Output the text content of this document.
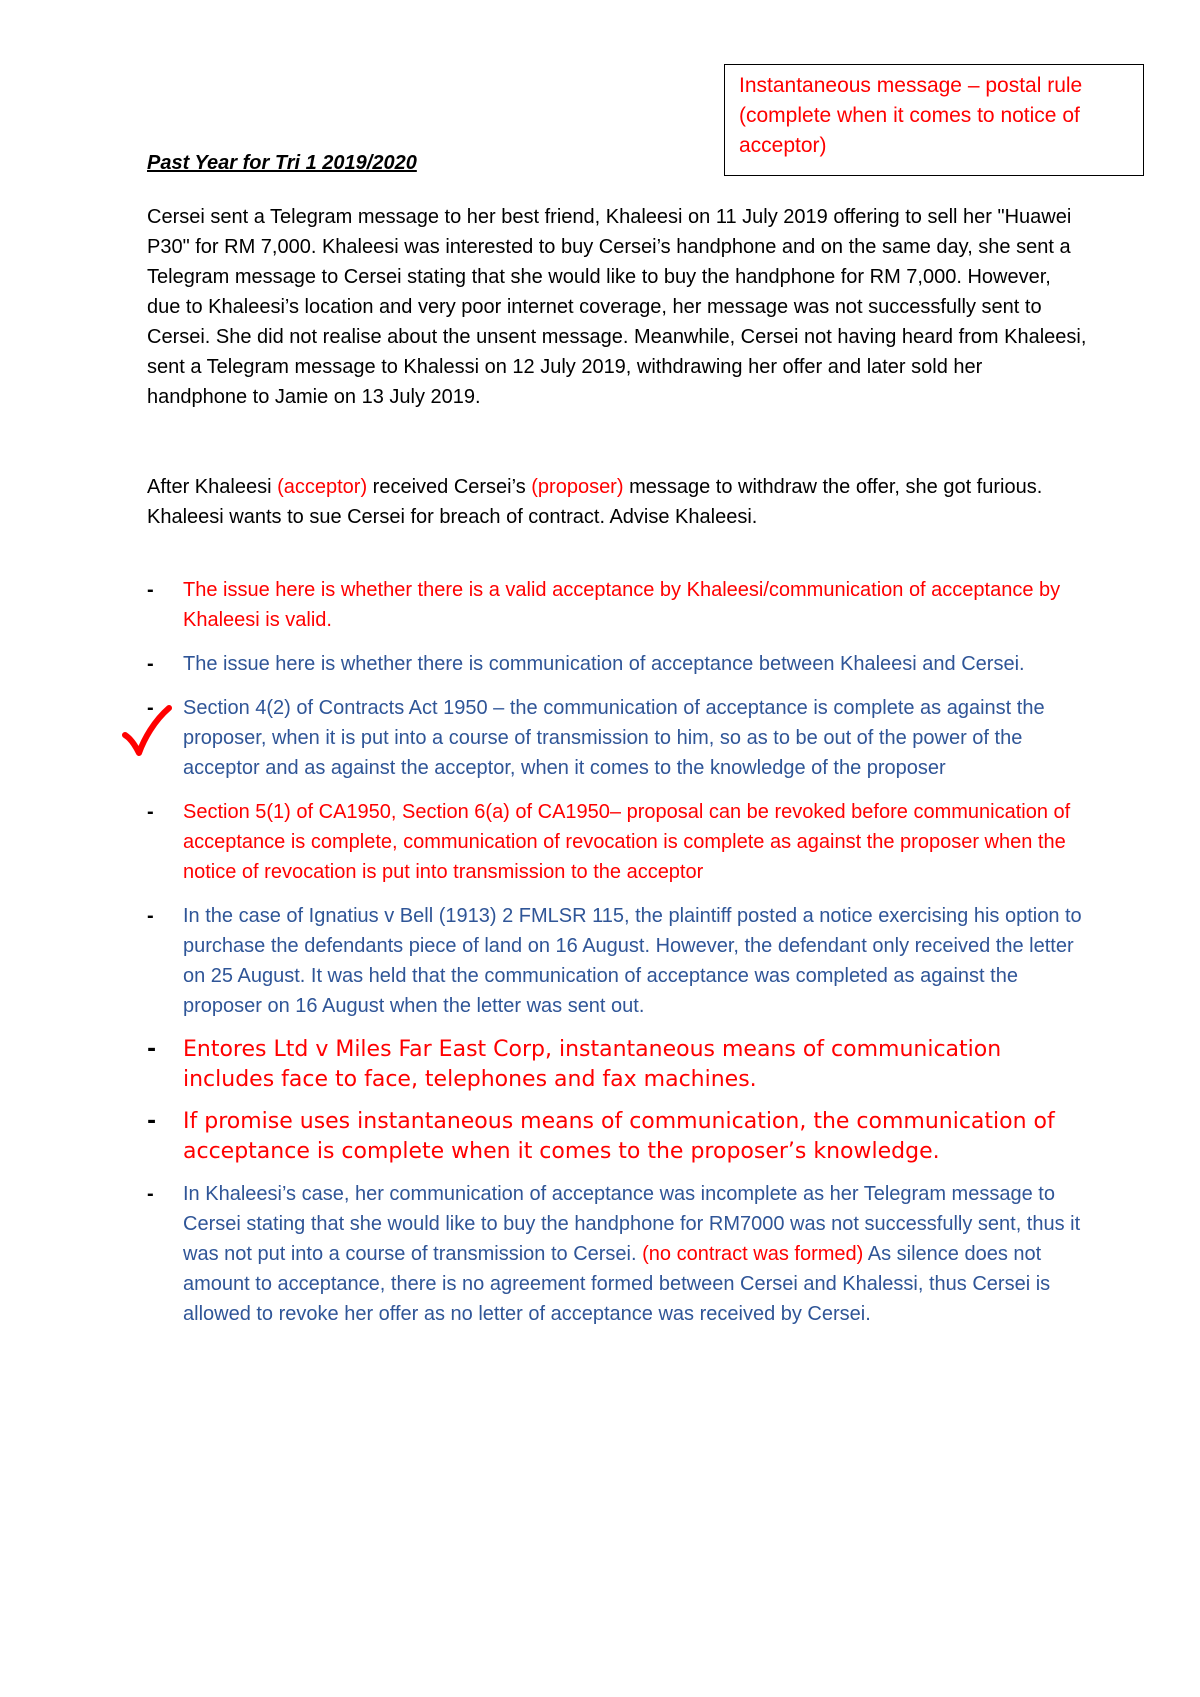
Instantaneous message – postal rule (complete when it comes to notice of acceptor)

Past Year for Tri 1 2019/2020

Cersei sent a Telegram message to her best friend, Khaleesi on 11 July 2019 offering to sell her "Huawei P30" for RM 7,000. Khaleesi was interested to buy Cersei’s handphone and on the same day, she sent a Telegram message to Cersei stating that she would like to buy the handphone for RM 7,000. However, due to Khaleesi’s location and very poor internet coverage, her message was not successfully sent to Cersei. She did not realise about the unsent message. Meanwhile, Cersei not having heard from Khaleesi, sent a Telegram message to Khalessi on 12 July 2019, withdrawing her offer and later sold her handphone to Jamie on 13 July 2019.

After Khaleesi (acceptor) received Cersei’s (proposer) message to withdraw the offer, she got furious. Khaleesi wants to sue Cersei for breach of contract. Advise Khaleesi.

- The issue here is whether there is a valid acceptance by Khaleesi/communication of acceptance by Khaleesi is valid.
- The issue here is whether there is communication of acceptance between Khaleesi and Cersei.
- Section 4(2) of Contracts Act 1950 – the communication of acceptance is complete as against the proposer, when it is put into a course of transmission to him, so as to be out of the power of the acceptor and as against the acceptor, when it comes to the knowledge of the proposer
- Section 5(1) of CA1950, Section 6(a) of CA1950– proposal can be revoked before communication of acceptance is complete, communication of revocation is complete as against the proposer when the notice of revocation is put into transmission to the acceptor
- In the case of Ignatius v Bell (1913) 2 FMLSR 115, the plaintiff posted a notice exercising his option to purchase the defendants piece of land on 16 August. However, the defendant only received the letter on 25 August. It was held that the communication of acceptance was completed as against the proposer on 16 August when the letter was sent out.
- Entores Ltd v Miles Far East Corp, instantaneous means of communication includes face to face, telephones and fax machines.
- If promise uses instantaneous means of communication, the communication of acceptance is complete when it comes to the proposer’s knowledge.
- In Khaleesi’s case, her communication of acceptance was incomplete as her Telegram message to Cersei stating that she would like to buy the handphone for RM7000 was not successfully sent, thus it was not put into a course of transmission to Cersei. (no contract was formed) As silence does not amount to acceptance, there is no agreement formed between Cersei and Khalessi, thus Cersei is allowed to revoke her offer as no letter of acceptance was received by Cersei.
